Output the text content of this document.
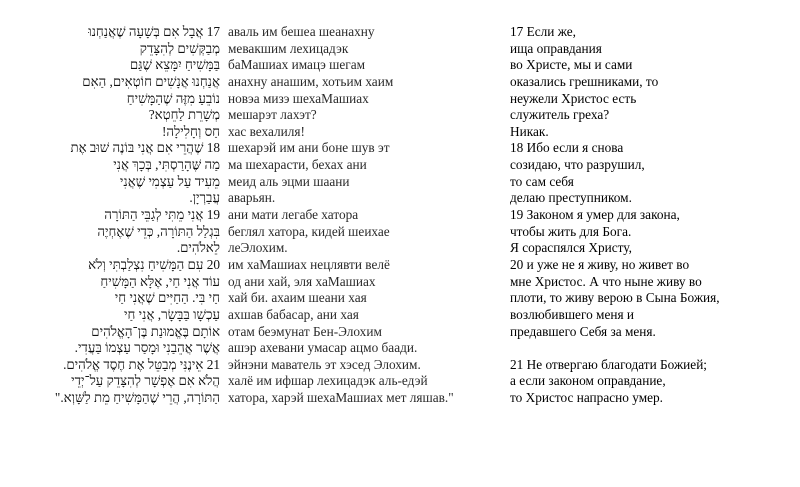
17 אֲבָל אִם בְּשָׁעָה שֶׁאֲנַחְנוּ
מְבַקְּשִׁים לְהִצָּדֵק
בַּמָּשִׁיחַ יִמָּצֵא שֶׁגַּם
אֲנַחְנוּ אֲנָשִׁים חוֹטְאִים, הַאִם
נוֹבֵעַ מִזֶּה שֶׁהַמָּשִׁיחַ
מְשָׁרֵת לַחֵטְא?
חַס וְחָלִילָה!
18 שֶׁהֲרֵי אִם אֲנִי בּוֹנֶה שׁוּב אֶת
מַה שֶּׁהָרַסְתִּי, בְּכָךְ אֲנִי
מֵעִיד עַל עַצְמִי שֶׁאֲנִי
עֲבַרְיָן.
19 אֲנִי מֵתִּי לְגַבֵּי הַתּוֹרָה
בִּגְלַל הַתּוֹרָה, כְּדֵי שֶׁאֶחְיֶה
לֵאלֹהִים.
20 עִם הַמָּשִׁיחַ נִצְלַבְתִּי וְלֹא
עוֹד אֲנִי חַי, אֶלָּא הַמָּשִׁיחַ
חַי בִּי. הַחַיִּים שֶׁאֲנִי חַי
עַכְשָׁו בַּבָּשָׂר, אֲנִי חַי
אוֹתָם בֶּאֱמוּנַת בֶּן־הָאֱלֹהִים
אֲשֶׁר אֲהֵבַנִי וּמָסַר עַצְמוֹ בַּעֲדִי.
21 אֵינֶנִּי מְבַטֵּל אֶת חֶסֶד אֱלֹהִים.
הֲלֹא אִם אֶפְשָׁר לְהִצָּדֵק עַל־יְדֵי
הַתּוֹרָה, הֲרֵי שֶׁהַמָּשִׁיחַ מֵת לַשָּׁוְא."
аваль им бешеа шеанахну
мевакшим лехицадэк
баМашиах имацэ шегам
анахну анашим, хотьим хаим
новэа мизэ шехаМашиах
мешарэт лахэт?
хас вехалиля!
шехарэй им ани боне шув эт
ма шехарасти, бехах ани
меид аль эцми шаани
аварьян.
ани мати легабе хатора
беглял хатора, кидей шеихае
леЭлохим.
им хаМашиах нецлявти велё
од ани хай, эля хаМашиах
хай би. ахаим шеани хая
ахшав бабасар, ани хая
отам беэмунат Бен-Элохим
ашэр ахевани умасар ацмо баади.
эйнэни маватель эт хэсед Элохим.
халё им ифшар лехицадэк аль-едэй
хатора, харэй шехаМашиах мет ляшав."
17 Если же,
ища оправдания
во Христе, мы и сами
оказались грешниками, то
неужели Христос есть
служитель греха?
Никак.
18 Ибо если я снова
созидаю, что разрушил,
то сам себя
делаю преступником.
19 Законом я умер для закона,
чтобы жить для Бога.
Я сораспялся Христу,
20 и уже не я живу, но живет во
мне Христос. А что ныне живу во
плоти, то живу верою в Сына Божия,
возлюбившего меня и
предавшего Себя за меня.
21 Не отвергаю благодати Божией;
а если законом оправдание,
то Христос напрасно умер.
